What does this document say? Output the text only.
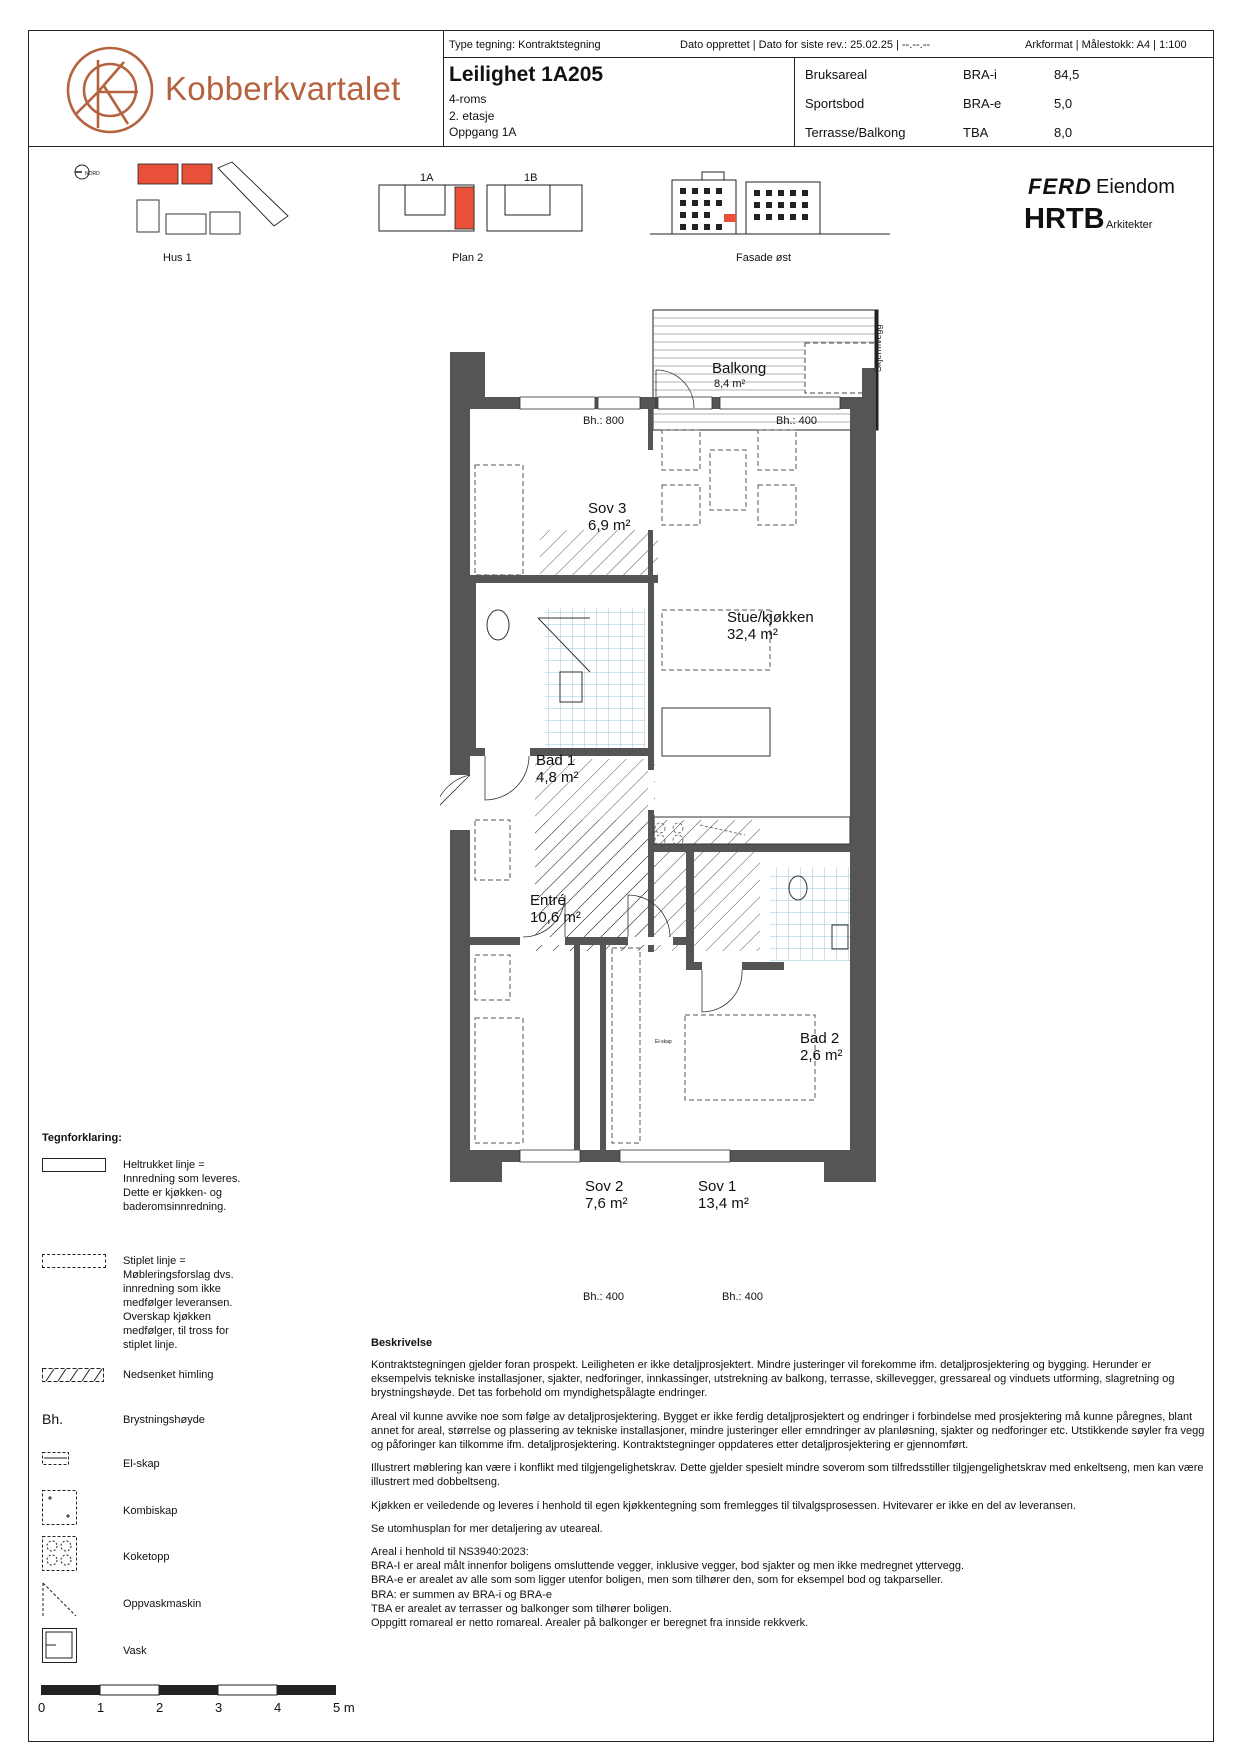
Kobberkvartalet
Type tegning: Kontraktstegning	Dato opprettet | Dato for siste rev.: 25.02.25 | --.--.--	Arkformat | Målestokk: A4 | 1:100
Leilighet 1A205
4-roms
2. etasje
Oppgang 1A
Bruksareal	BRA-i	84,5
Sportsbod	BRA-e	5,0
Terrasse/Balkong	TBA	8,0
NORD
Hus 1
1A	1B
Plan 2	Fasade øst
FERD Eiendom
HRTB Arkitekter
Skjermvegg
Balkong
8,4 m²
Bh.: 800	Bh.: 400
Bh.: 400	Bh.: 400
El-skap
Sov 3
6,9 m²
Stue/kjøkken
32,4 m²
Bad 1
4,8 m²
Entré
10,6 m²
Bad 2
2,6 m²
Sov 2
7,6 m²
Sov 1
13,4 m²
Tegnforklaring:
Heltrukket linje = Innredning som leveres. Dette er kjøkken- og baderomsinnredning.
Stiplet linje = Møbleringsforslag dvs. innredning som ikke medfølger leveransen. Overskap kjøkken medfølger, til tross for stiplet linje.
Nedsenket himling
Bh.	Brystningshøyde
El-skap
Kombiskap
Koketopp
Oppvaskmaskin
Vask
0	1	2	3	4	5 m
Beskrivelse

Kontraktstegningen gjelder foran prospekt. Leiligheten er ikke detaljprosjektert. Mindre justeringer vil forekomme ifm. detaljprosjektering og bygging. Herunder er eksempelvis tekniske installasjoner, sjakter, nedforinger, innkassinger, utstrekning av balkong, terrasse, skillevegger, gressareal og vinduets utforming, slagretning og brystningshøyde. Det tas forbehold om myndighetspålagte endringer.

Areal vil kunne avvike noe som følge av detaljprosjektering. Bygget er ikke ferdig detaljprosjektert og endringer i forbindelse med prosjektering må kunne påregnes, blant annet for areal, størrelse og plassering av tekniske installasjoner, mindre justeringer eller emndringer av planløsning, sjakter og nedforinger etc. Utstikkende søyler fra vegg og påforinger kan tilkomme ifm. detaljprosjektering. Kontraktstegninger oppdateres etter detaljprosjektering er gjennomført.

Illustrert møblering kan være i konflikt med tilgjengelighetskrav. Dette gjelder spesielt mindre soverom som tilfredsstiller tilgjengelighetskrav med enkeltseng, men kan være illustrert med dobbeltseng.

Kjøkken er veiledende og leveres i henhold til egen kjøkkentegning som fremlegges til tilvalgsprosessen. Hvitevarer er ikke en del av leveransen.

Se utomhusplan for mer detaljering av uteareal.

Areal i henhold til NS3940:2023:
BRA-I er areal målt innenfor boligens omsluttende vegger, inklusive vegger, bod sjakter og men ikke medregnet yttervegg.
BRA-e er arealet av alle som som ligger utenfor boligen, men som tilhører den, som for eksempel bod og takparseller.
BRA: er summen av BRA-i og BRA-e
TBA er arealet av terrasser og balkonger som tilhører boligen.
Oppgitt romareal er netto romareal. Arealer på balkonger er beregnet fra innside rekkverk.
